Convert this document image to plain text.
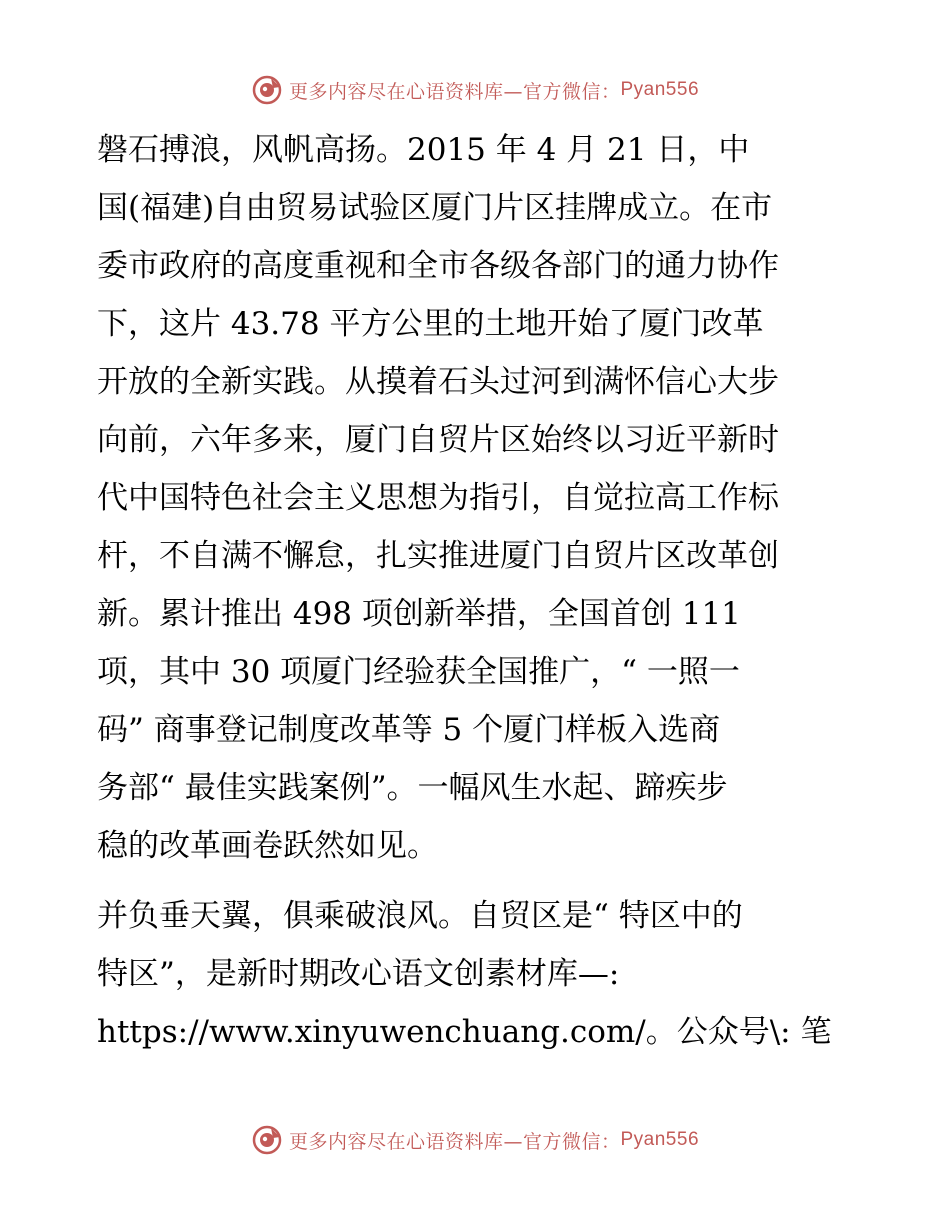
更多内容尽在心语资料库— 官方微信： Pyan556
磐石搏浪，风帆高扬。2015 年 4 月 21 日，中
国(福建)自由贸易试验区厦门片区挂牌成立。在市
委市政府的高度重视和全市各级各部门的通力协作
下，这片 43.78 平方公里的土地开始了厦门改革
开放的全新实践。从摸着石头过河到满怀信心大步
向前，六年多来，厦门自贸片区始终以习近平新时
代中国特色社会主义思想为指引，自觉拉高工作标
杆，不自满不懈怠，扎实推进厦门自贸片区改革创
新。累计推出 498 项创新举措，全国首创 111
项，其中 30 项厦门经验获全国推广，“ 一照一
码” 商事登记制度改革等 5 个厦门样板入选商
务部“ 最佳实践案例”。一幅风生水起、蹄疾步
稳的改革画卷跃然如见。
并负垂天翼，俱乘破浪风。自贸区是“ 特区中的
特区”，是新时期改心语文创素材库—:
https://www.xinyuwenchuang.com/。公众号\: 笔
更多内容尽在心语资料库— 官方微信： Pyan556
